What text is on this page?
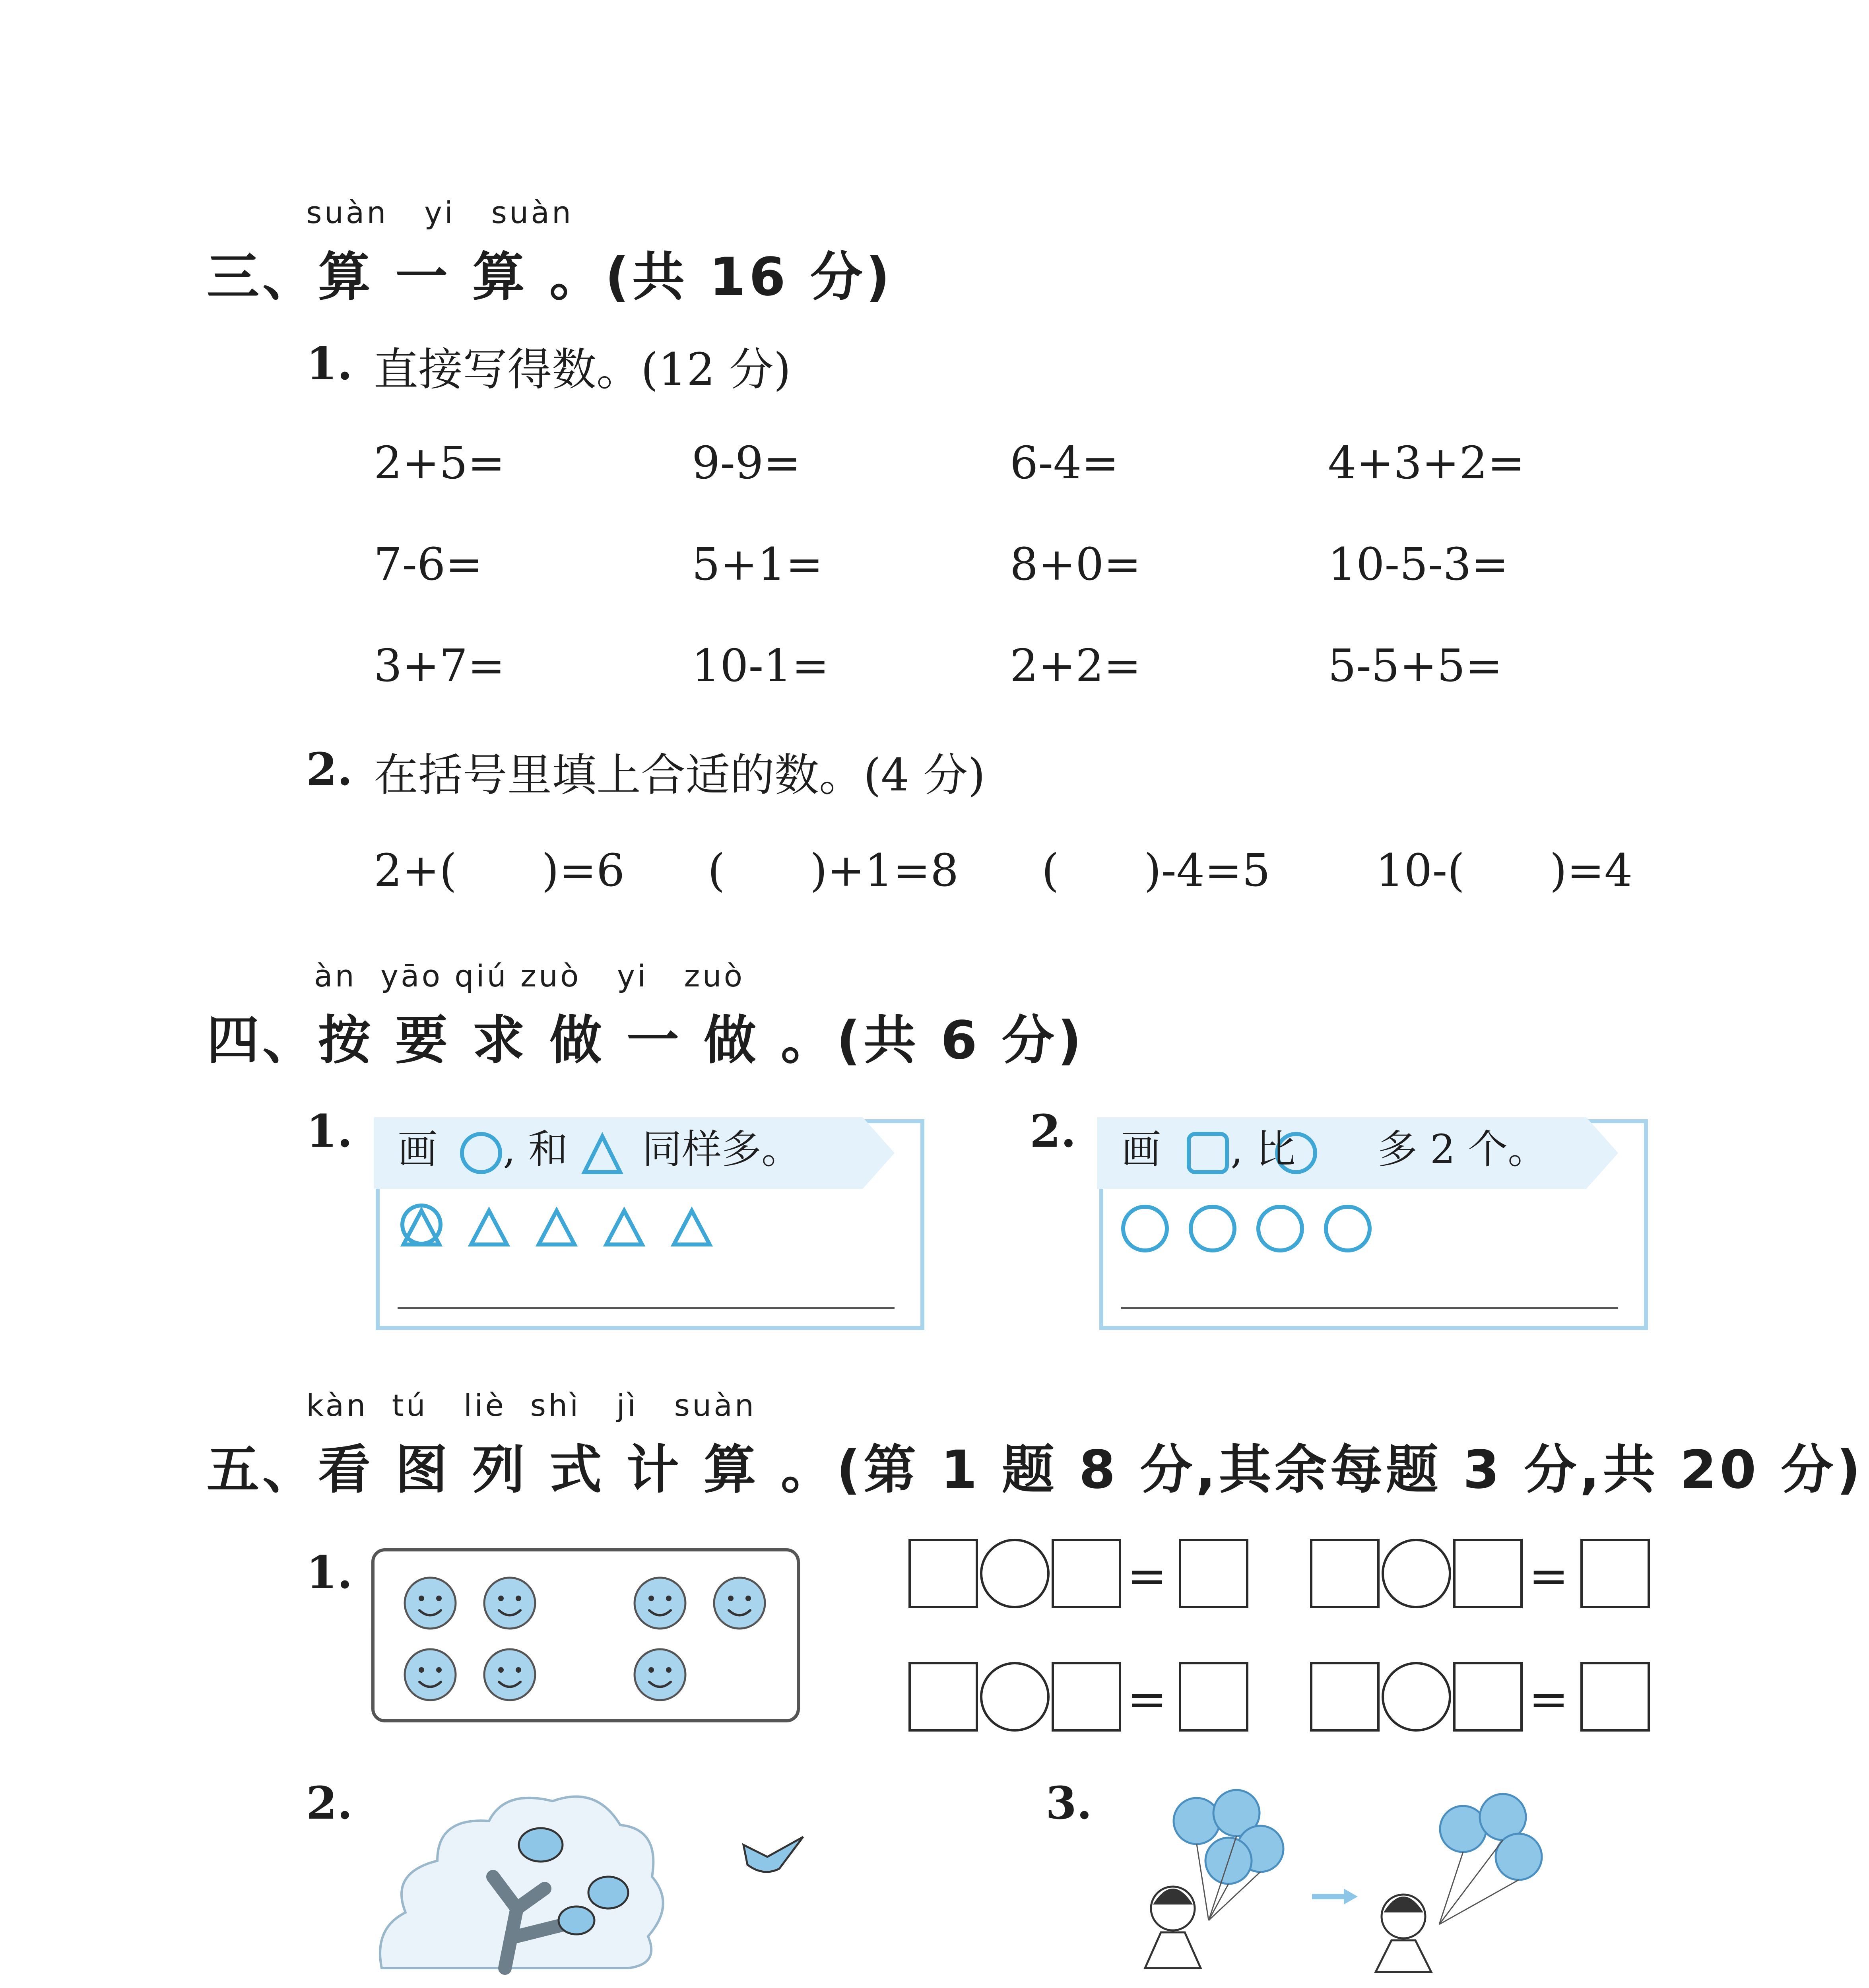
suàn   yi   suàn
三、算 一 算 。(共 16 分)
1. 直接写得数。(12 分)
2+5=	9-9=	6-4=	4+3+2=
7-6=	5+1=	8+0=	10-5-3=
3+7=	10-1=	2+2=	5-5+5=
2. 在括号里填上合适的数。(4 分)
2+(      )=6 (      )+1=8 (      )-4=5 10-(      )=4
àn  yāo qiú zuò   yi   zuò
四、按 要 求 做 一 做 。(共 6 分)
1. 画 , 和 同样多。	2. 画 , 比 多 2 个。
kàn  tú   liè  shì   jì   suàn
五、看 图 列 式 计 算 。(第 1 题 8 分,其余每题 3 分,共 20 分)
1.	=	=
=	=
2.	3.
